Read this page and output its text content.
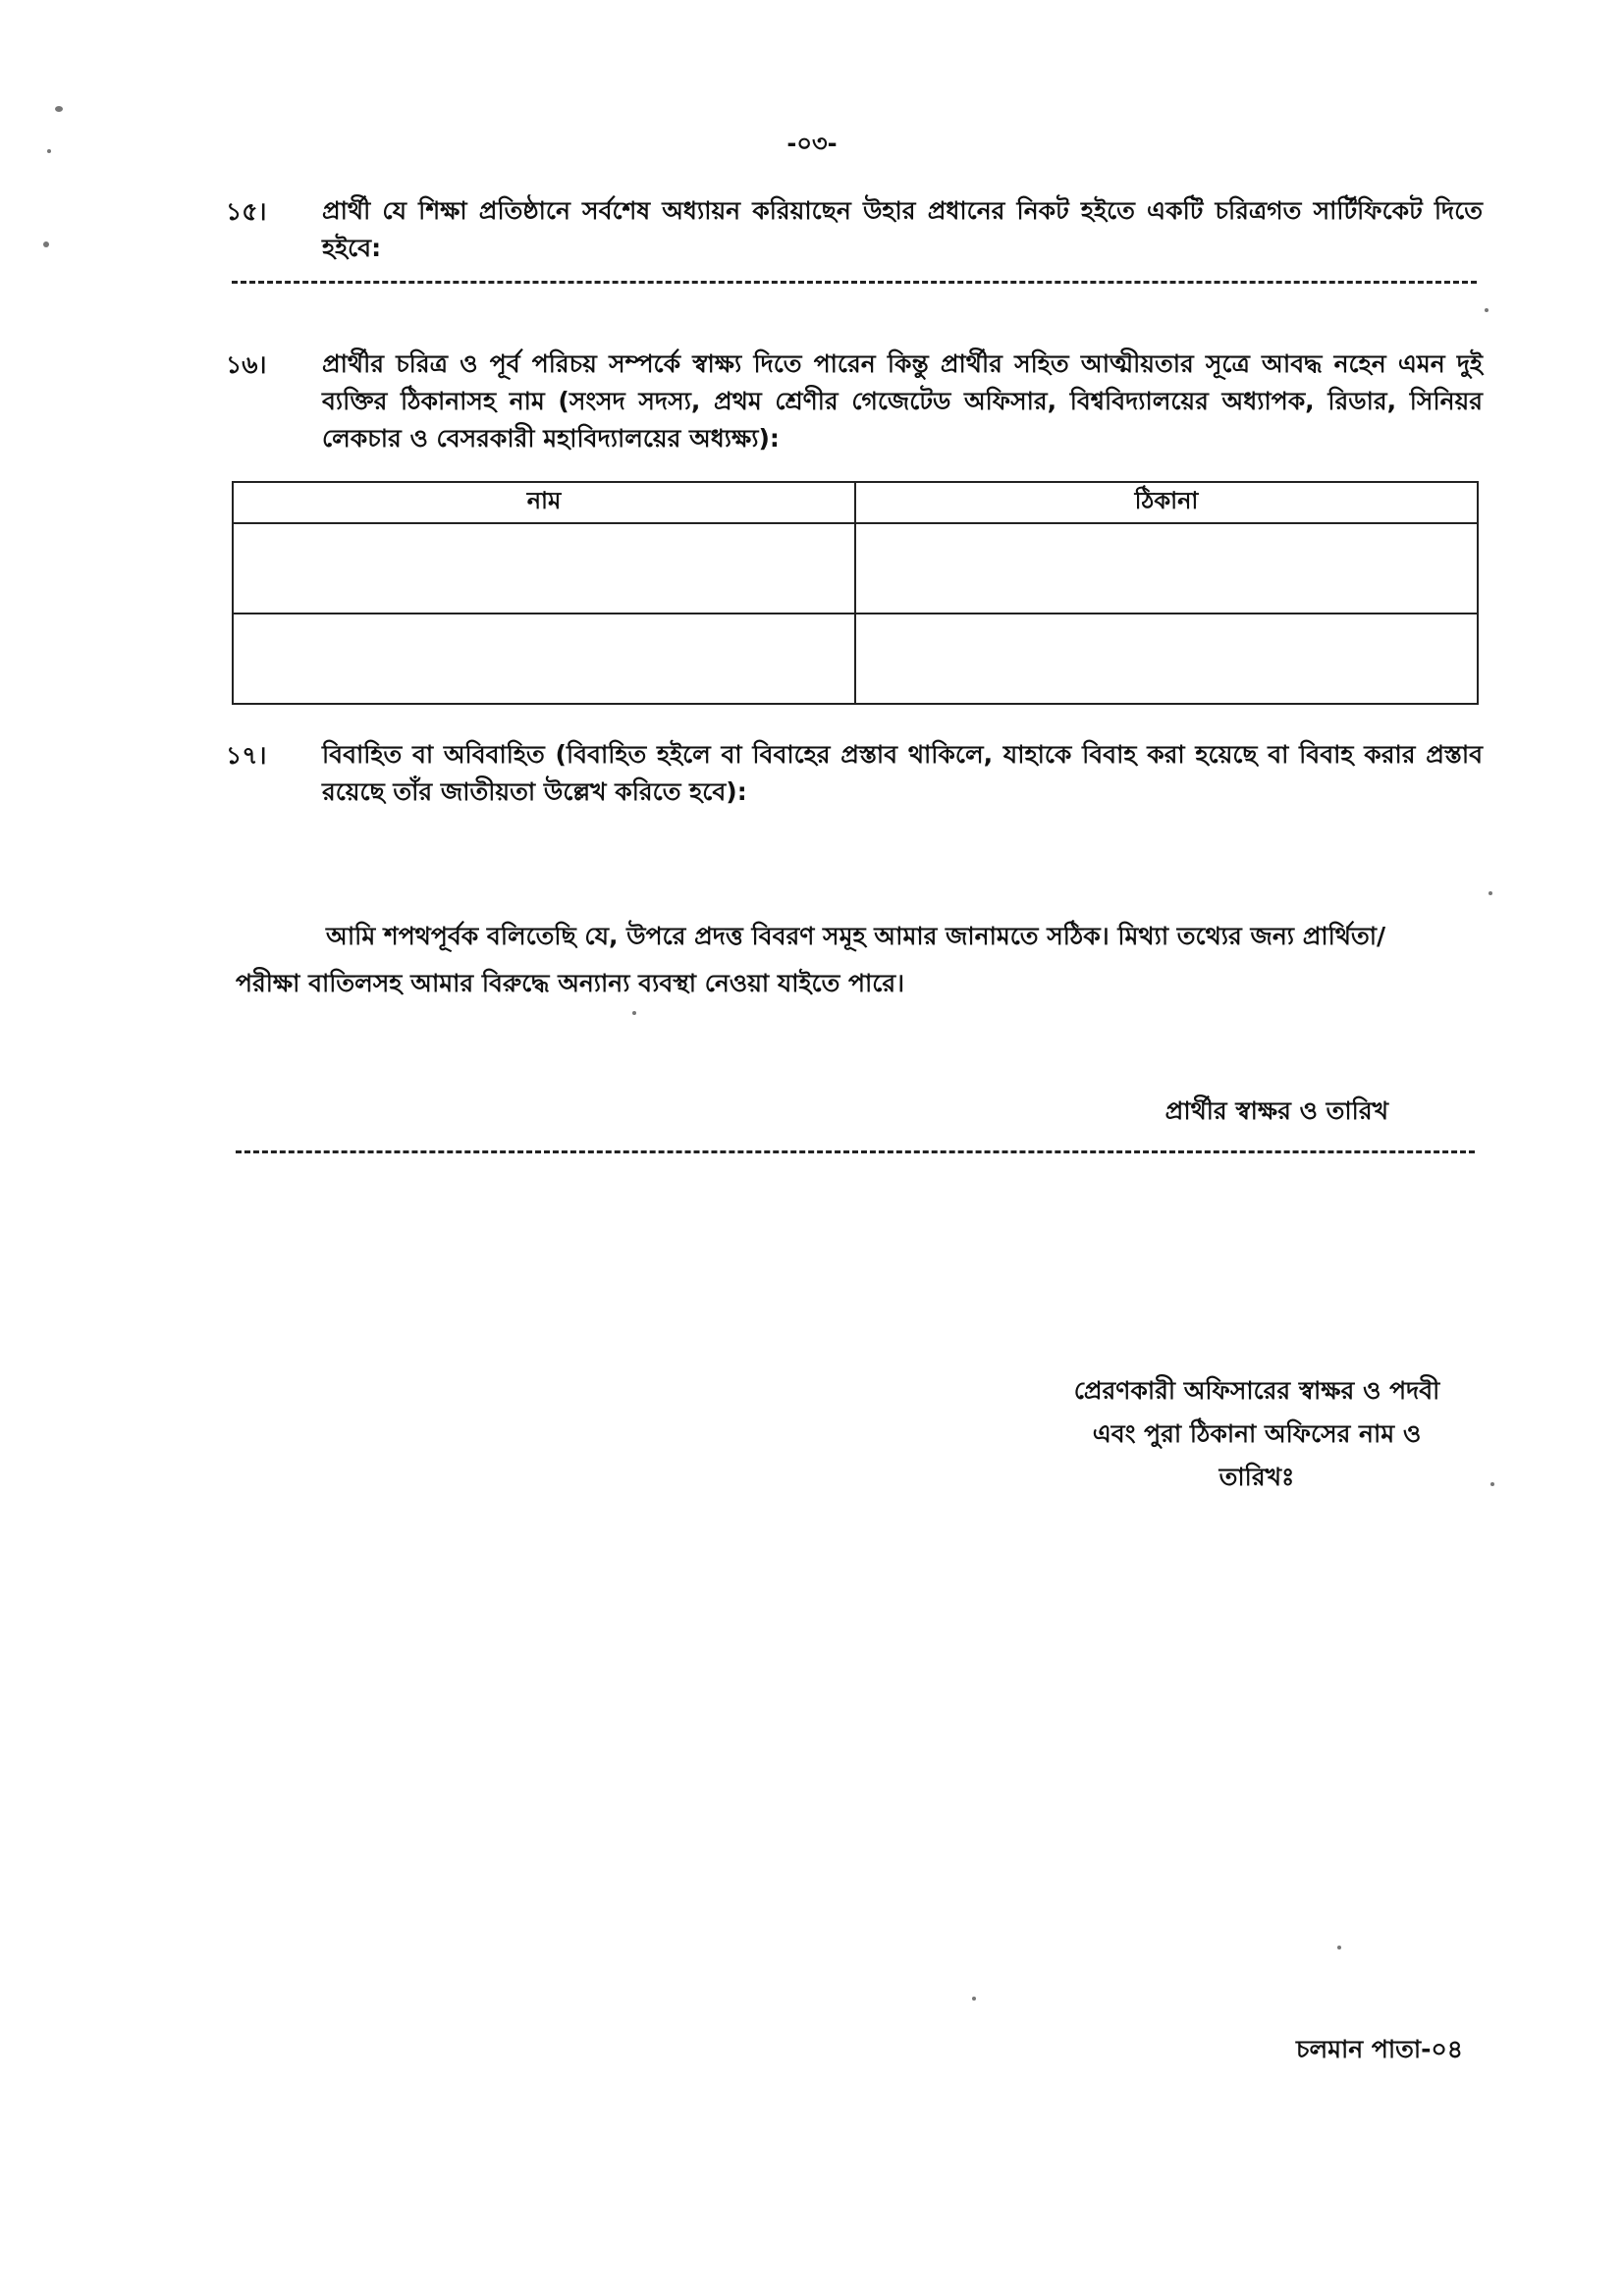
-০৩-
১৫।	প্রার্থী যে শিক্ষা প্রতিষ্ঠানে সর্বশেষ অধ্যায়ন করিয়াছেন উহার প্রধানের নিকট হইতে একটি চরিত্রগত সার্টিফিকেট দিতে হইবে:
১৬।	প্রার্থীর চরিত্র ও পূর্ব পরিচয় সম্পর্কে স্বাক্ষ্য দিতে পারেন কিন্তু প্রার্থীর সহিত আত্মীয়তার সূত্রে আবদ্ধ নহেন এমন দুই ব্যক্তির ঠিকানাসহ নাম (সংসদ সদস্য, প্রথম শ্রেণীর গেজেটেড অফিসার, বিশ্ববিদ্যালয়ের অধ্যাপক, রিডার, সিনিয়র লেকচার ও বেসরকারী মহাবিদ্যালয়ের অধ্যক্ষ্য):
নাম	ঠিকানা

১৭।	বিবাহিত বা অবিবাহিত (বিবাহিত হইলে বা বিবাহের প্রস্তাব থাকিলে, যাহাকে বিবাহ করা হয়েছে বা বিবাহ করার প্রস্তাব রয়েছে তাঁর জাতীয়তা উল্লেখ করিতে হবে):
আমি শপথপূর্বক বলিতেছি যে, উপরে প্রদত্ত বিবরণ সমূহ আমার জানামতে সঠিক। মিথ্যা তথ্যের জন্য প্রার্থিতা/পরীক্ষা বাতিলসহ আমার বিরুদ্ধে অন্যান্য ব্যবস্থা নেওয়া যাইতে পারে।
প্রার্থীর স্বাক্ষর ও তারিখ
প্রেরণকারী অফিসারের স্বাক্ষর ও পদবী
এবং পুরা ঠিকানা অফিসের নাম ও
তারিখঃ
চলমান পাতা-০৪
